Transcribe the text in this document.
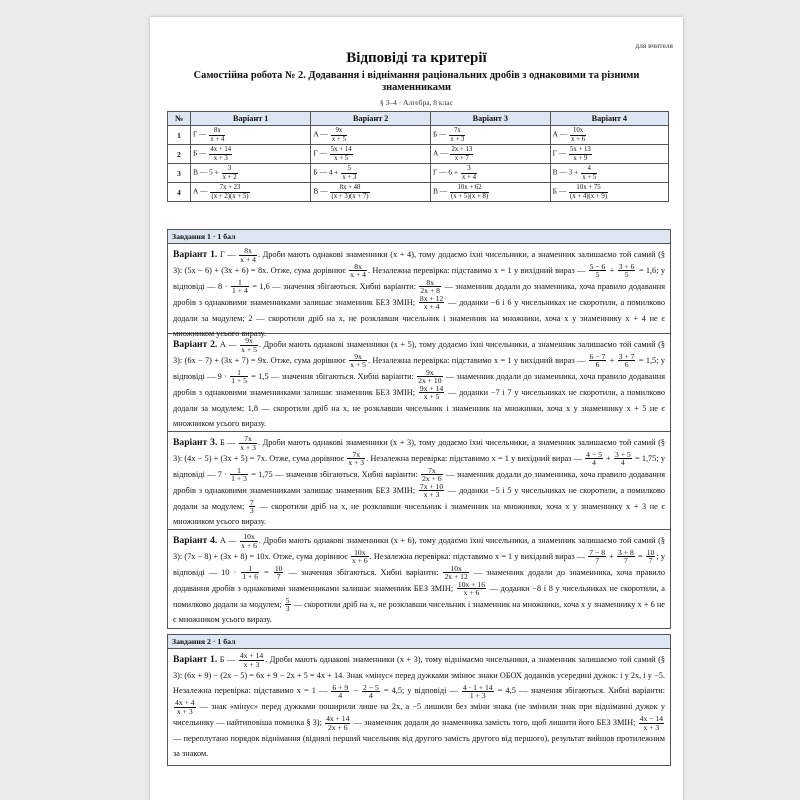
для вчителя
Відповіді та критерії
Самостійна робота № 2. Додавання і віднімання раціональних дробів з однаковими та різними знаменниками
§ 3–4 · Алгебра, 8 клас
№	Варіант 1	Варіант 2	Варіант 3	Варіант 4
1	Г — $\frac{8x}{x + 4}$	А — $\frac{9x}{x + 5}$	Б — $\frac{7x}{x + 3}$	А — $\frac{10x}{x + 6}$

2	Б — $\frac{4x + 14}{x + 3}$	Г — $\frac{5x + 14}{x + 5}$	А — $\frac{2x + 13}{x + 7}$	Г — $\frac{5x + 13}{x + 9}$

3	В — $5 + \frac{3}{x + 2}$	Б — $4 + \frac{5}{x + 3}$	Г — $6 + \frac{3}{x + 4}$	В — $3 + \frac{4}{x + 5}$

4	А — $\frac{7x + 23}{(x + 2)(x + 5)}$	В — $\frac{8x + 48}{(x + 3)(x + 7)}$	В — $\frac{10x + 62}{(x + 5)(x + 8)}$	Б — $\frac{10x + 75}{(x + 4)(x + 9)}$
Завдання 1 · 1 бал
Варіант 1. Г — $\frac{8x}{x + 4}$ . Дроби мають однакові знаменники (x + 4), тому додаємо їхні чисельники, а знаменник залишаємо той самий (§ 3): (5x − 6) + (3x + 6) = 8x. Отже, сума дорівнює $\frac{8x}{x + 4}$ . Незалежна перевірка: підставимо x = 1 у вихідний вираз — $\frac{5 - 6}{5} + \frac{3 + 6}{5} = 1,6$; у відповіді — $8 \cdot \frac{1}{1 + 4} = 1,6$ — значення збігаються. Хибні варіанти: $\frac{8x}{2x + 8}$ — знаменник додали до знаменника, хоча правило додавання дробів з однаковими знаменниками залишає знаменник БЕЗ ЗМІН; $\frac{8x + 12}{x + 4}$ — доданки −6 і 6 у чисельниках не скоротили, а помилково додали за модулем; 2 — скоротили дріб на x, не розклавши чисельник і знаменник на множники, хоча x у знаменнику x + 4 не є множником усього виразу.
Варіант 2. А — $\frac{9x}{x + 5}$ . Дроби мають однакові знаменники (x + 5), тому додаємо їхні чисельники, а знаменник залишаємо той самий (§ 3): (6x − 7) + (3x + 7) = 9x. Отже, сума дорівнює $\frac{9x}{x + 5}$ . Незалежна перевірка: підставимо x = 1 у вихідний вираз — $\frac{6 - 7}{6} + \frac{3 + 7}{6} = 1,5$; у відповіді — $9 \cdot \frac{1}{1 + 5} = 1,5$ — значення збігаються. Хибні варіанти: $\frac{9x}{2x + 10}$ — знаменник додали до знаменника, хоча правило додавання дробів з однаковими знаменниками залишає знаменник БЕЗ ЗМІН; $\frac{9x + 14}{x + 5}$ — доданки −7 і 7 у чисельниках не скоротили, а помилково додали за модулем; 1,8 — скоротили дріб на x, не розклавши чисельник і знаменник на множники, хоча x у знаменнику x + 5 не є множником усього виразу.
Варіант 3. Б — $\frac{7x}{x + 3}$ . Дроби мають однакові знаменники (x + 3), тому додаємо їхні чисельники, а знаменник залишаємо той самий (§ 3): (4x − 5) + (3x + 5) = 7x. Отже, сума дорівнює $\frac{7x}{x + 3}$ . Незалежна перевірка: підставимо x = 1 у вихідний вираз — $\frac{4 - 5}{4} + \frac{3 + 5}{4} = 1,75$; у відповіді — $7 \cdot \frac{1}{1 + 3} = 1,75$ — значення збігаються. Хибні варіанти: $\frac{7x}{2x + 6}$ — знаменник додали до знаменника, хоча правило додавання дробів з однаковими знаменниками залишає знаменник БЕЗ ЗМІН; $\frac{7x + 10}{x + 3}$ — доданки −5 і 5 у чисельниках не скоротили, а помилково додали за модулем; $\frac{7}{3}$ — скоротили дріб на x, не розклавши чисельник і знаменник на множники, хоча x у знаменнику x + 3 не є множником усього виразу.
Варіант 4. А — $\frac{10x}{x + 6}$ . Дроби мають однакові знаменники (x + 6), тому додаємо їхні чисельники, а знаменник залишаємо той самий (§ 3): (7x − 8) + (3x + 8) = 10x. Отже, сума дорівнює $\frac{10x}{x + 6}$ . Незалежна перевірка: підставимо x = 1 у вихідний вираз — $\frac{7 - 8}{7} + \frac{3 + 8}{7} = \frac{10}{7}$ ; у відповіді — $10 \cdot \frac{1}{1 + 6} = \frac{10}{7}$ — значення збігаються. Хибні варіанти: $\frac{10x}{2x + 12}$ — знаменник додали до знаменника, хоча правило додавання дробів з однаковими знаменниками залишає знаменник БЕЗ ЗМІН; $\frac{10x + 16}{x + 6}$ — доданки −8 і 8 у чисельниках не скоротили, а помилково додали за модулем; $\frac{5}{3}$ — скоротили дріб на x, не розклавши чисельник і знаменник на множники, хоча x у знаменнику x + 6 не є множником усього виразу.
Завдання 2 · 1 бал
Варіант 1. Б — $\frac{4x + 14}{x + 3}$ . Дроби мають однакові знаменники (x + 3), тому віднімаємо чисельники, а знаменник залишаємо той самий (§ 3): (6x + 9) − (2x − 5) = 6x + 9 − 2x + 5 = 4x + 14. Знак «мінус» перед дужками змінює знаки ОБОХ доданків усередині дужок: і у 2x, і у −5. Незалежна перевірка: підставимо x = 1 — $\frac{6 + 9}{4} - \frac{2 - 5}{4} = 4,5$; у відповіді — $\frac{4 \cdot 1 + 14}{1 + 3} = 4,5$ — значення збігаються. Хибні варіанти:
$\frac{4x + 4}{x + 3}$ — знак «мінус» перед дужками поширили лише на 2x, а −5 лишили без зміни знака (не змінили знак при відніманні дужок у чисельнику — найтиповіша помилка § 3); $\frac{4x + 14}{2x + 6}$ — знаменник додали до знаменника замість того, щоб лишити його БЕЗ ЗМІН; $\frac{4x - 14}{x + 3}$
— переплутано порядок віднімання (віднялі перший чисельник від другого замість другого від першого), результат вийшов протилежним за знаком.
